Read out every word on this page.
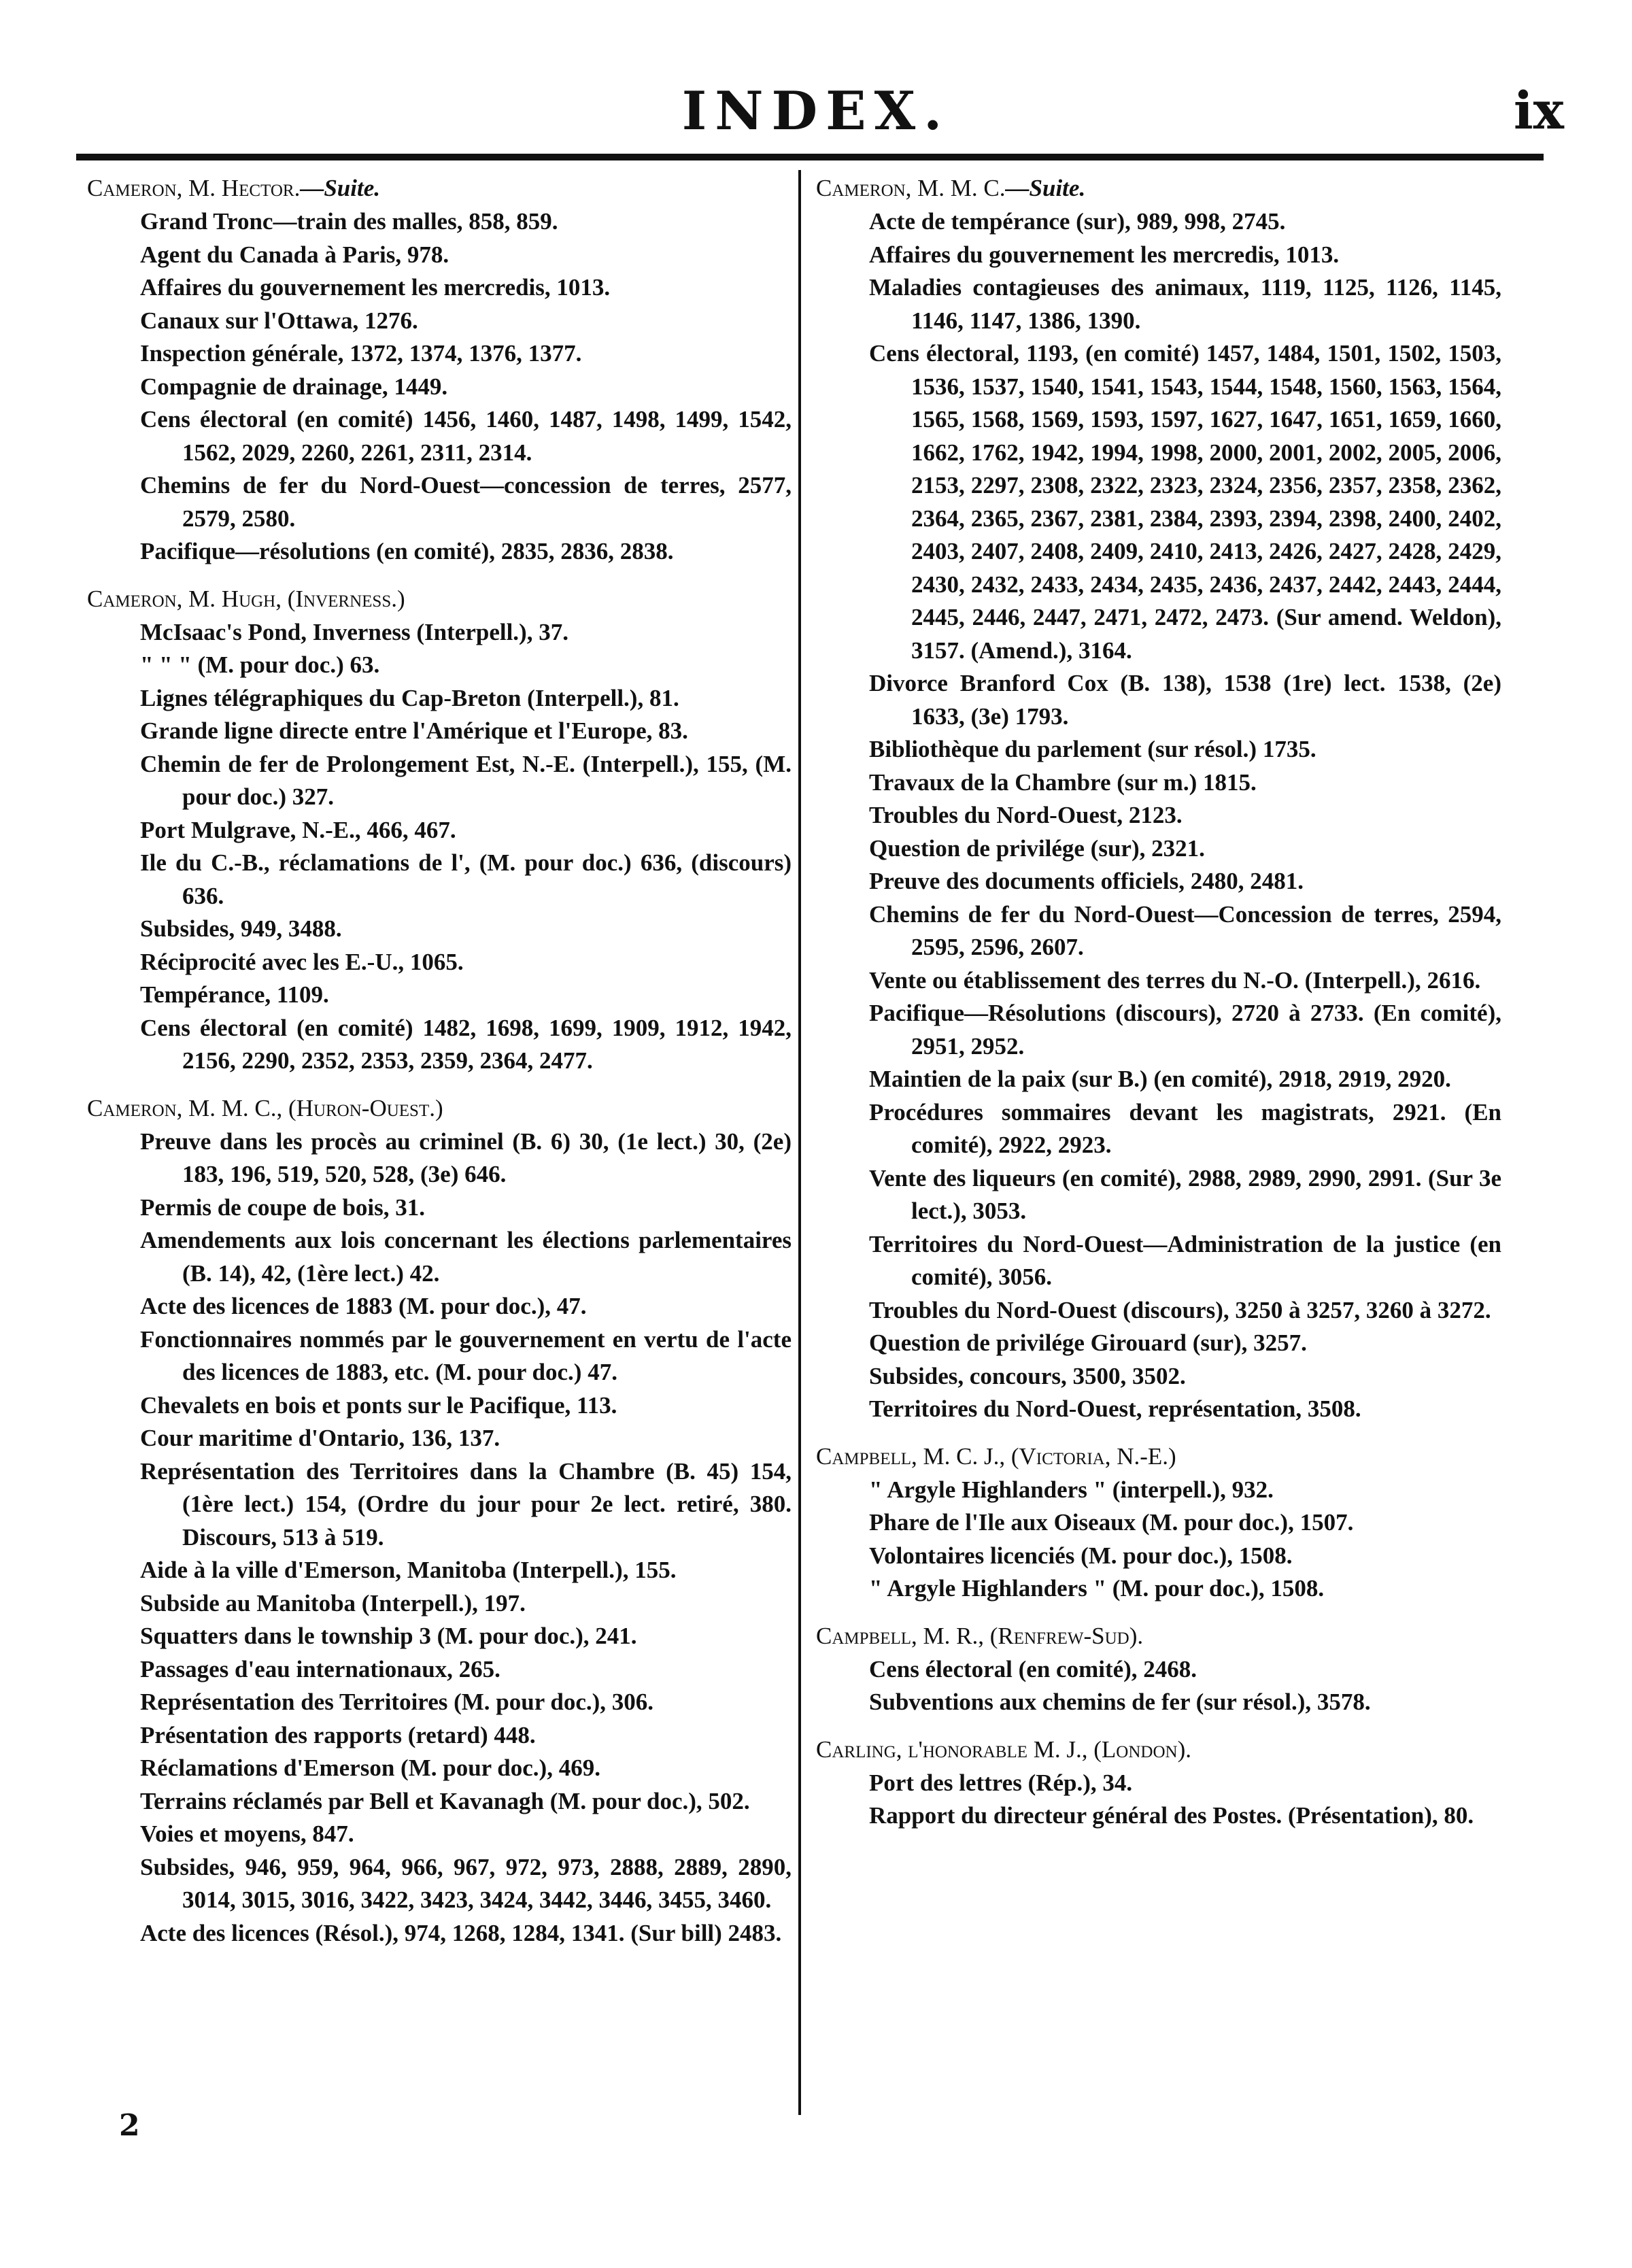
INDEX.	ix
Cameron, M. Hector.—Suite.
Grand Tronc—train des malles, 858, 859.
Agent du Canada à Paris, 978.
Affaires du gouvernement les mercredis, 1013.
Canaux sur l'Ottawa, 1276.
Inspection générale, 1372, 1374, 1376, 1377.
Compagnie de drainage, 1449.
Cens électoral (en comité) 1456, 1460, 1487, 1498, 1499, 1542, 1562, 2029, 2260, 2261, 2311, 2314.
Chemins de fer du Nord-Ouest—concession de terres, 2577, 2579, 2580.
Pacifique—résolutions (en comité), 2835, 2836, 2838.
Cameron, M. Hugh, (Inverness.)
McIsaac's Pond, Inverness (Interpell.), 37.
" " " (M. pour doc.) 63.
Lignes télégraphiques du Cap-Breton (Interpell.), 81.
Grande ligne directe entre l'Amérique et l'Europe, 83.
Chemin de fer de Prolongement Est, N.-E. (Interpell.), 155, (M. pour doc.) 327.
Port Mulgrave, N.-E., 466, 467.
Ile du C.-B., réclamations de l', (M. pour doc.) 636, (discours) 636.
Subsides, 949, 3488.
Réciprocité avec les E.-U., 1065.
Tempérance, 1109.
Cens électoral (en comité) 1482, 1698, 1699, 1909, 1912, 1942, 2156, 2290, 2352, 2353, 2359, 2364, 2477.
Cameron, M. M. C., (Huron-Ouest.)
Preuve dans les procès au criminel (B. 6) 30, (1e lect.) 30, (2e) 183, 196, 519, 520, 528, (3e) 646.
Permis de coupe de bois, 31.
Amendements aux lois concernant les élections parlementaires (B. 14), 42, (1ère lect.) 42.
Acte des licences de 1883 (M. pour doc.), 47.
Fonctionnaires nommés par le gouvernement en vertu de l'acte des licences de 1883, etc. (M. pour doc.) 47.
Chevalets en bois et ponts sur le Pacifique, 113.
Cour maritime d'Ontario, 136, 137.
Représentation des Territoires dans la Chambre (B. 45) 154, (1ère lect.) 154, (Ordre du jour pour 2e lect. retiré, 380. Discours, 513 à 519.
Aide à la ville d'Emerson, Manitoba (Interpell.), 155.
Subside au Manitoba (Interpell.), 197.
Squatters dans le township 3 (M. pour doc.), 241.
Passages d'eau internationaux, 265.
Représentation des Territoires (M. pour doc.), 306.
Présentation des rapports (retard) 448.
Réclamations d'Emerson (M. pour doc.), 469.
Terrains réclamés par Bell et Kavanagh (M. pour doc.), 502.
Voies et moyens, 847.
Subsides, 946, 959, 964, 966, 967, 972, 973, 2888, 2889, 2890, 3014, 3015, 3016, 3422, 3423, 3424, 3442, 3446, 3455, 3460.
Acte des licences (Résol.), 974, 1268, 1284, 1341. (Sur bill) 2483.
Cameron, M. M. C.—Suite.
Acte de tempérance (sur), 989, 998, 2745.
Affaires du gouvernement les mercredis, 1013.
Maladies contagieuses des animaux, 1119, 1125, 1126, 1145, 1146, 1147, 1386, 1390.
Cens électoral, 1193, (en comité) 1457, 1484, 1501, 1502, 1503, 1536, 1537, 1540, 1541, 1543, 1544, 1548, 1560, 1563, 1564, 1565, 1568, 1569, 1593, 1597, 1627, 1647, 1651, 1659, 1660, 1662, 1762, 1942, 1994, 1998, 2000, 2001, 2002, 2005, 2006, 2153, 2297, 2308, 2322, 2323, 2324, 2356, 2357, 2358, 2362, 2364, 2365, 2367, 2381, 2384, 2393, 2394, 2398, 2400, 2402, 2403, 2407, 2408, 2409, 2410, 2413, 2426, 2427, 2428, 2429, 2430, 2432, 2433, 2434, 2435, 2436, 2437, 2442, 2443, 2444, 2445, 2446, 2447, 2471, 2472, 2473. (Sur amend. Weldon), 3157. (Amend.), 3164.
Divorce Branford Cox (B. 138), 1538 (1re) lect. 1538, (2e) 1633, (3e) 1793.
Bibliothèque du parlement (sur résol.) 1735.
Travaux de la Chambre (sur m.) 1815.
Troubles du Nord-Ouest, 2123.
Question de privilége (sur), 2321.
Preuve des documents officiels, 2480, 2481.
Chemins de fer du Nord-Ouest—Concession de terres, 2594, 2595, 2596, 2607.
Vente ou établissement des terres du N.-O. (Interpell.), 2616.
Pacifique—Résolutions (discours), 2720 à 2733. (En comité), 2951, 2952.
Maintien de la paix (sur B.) (en comité), 2918, 2919, 2920.
Procédures sommaires devant les magistrats, 2921. (En comité), 2922, 2923.
Vente des liqueurs (en comité), 2988, 2989, 2990, 2991. (Sur 3e lect.), 3053.
Territoires du Nord-Ouest—Administration de la justice (en comité), 3056.
Troubles du Nord-Ouest (discours), 3250 à 3257, 3260 à 3272.
Question de privilége Girouard (sur), 3257.
Subsides, concours, 3500, 3502.
Territoires du Nord-Ouest, représentation, 3508.
Campbell, M. C. J., (Victoria, N.-E.)
" Argyle Highlanders " (interpell.), 932.
Phare de l'Ile aux Oiseaux (M. pour doc.), 1507.
Volontaires licenciés (M. pour doc.), 1508.
" Argyle Highlanders " (M. pour doc.), 1508.
Campbell, M. R., (Renfrew-Sud).
Cens électoral (en comité), 2468.
Subventions aux chemins de fer (sur résol.), 3578.
Carling, l'honorable M. J., (London).
Port des lettres (Rép.), 34.
Rapport du directeur général des Postes. (Présentation), 80.
2
